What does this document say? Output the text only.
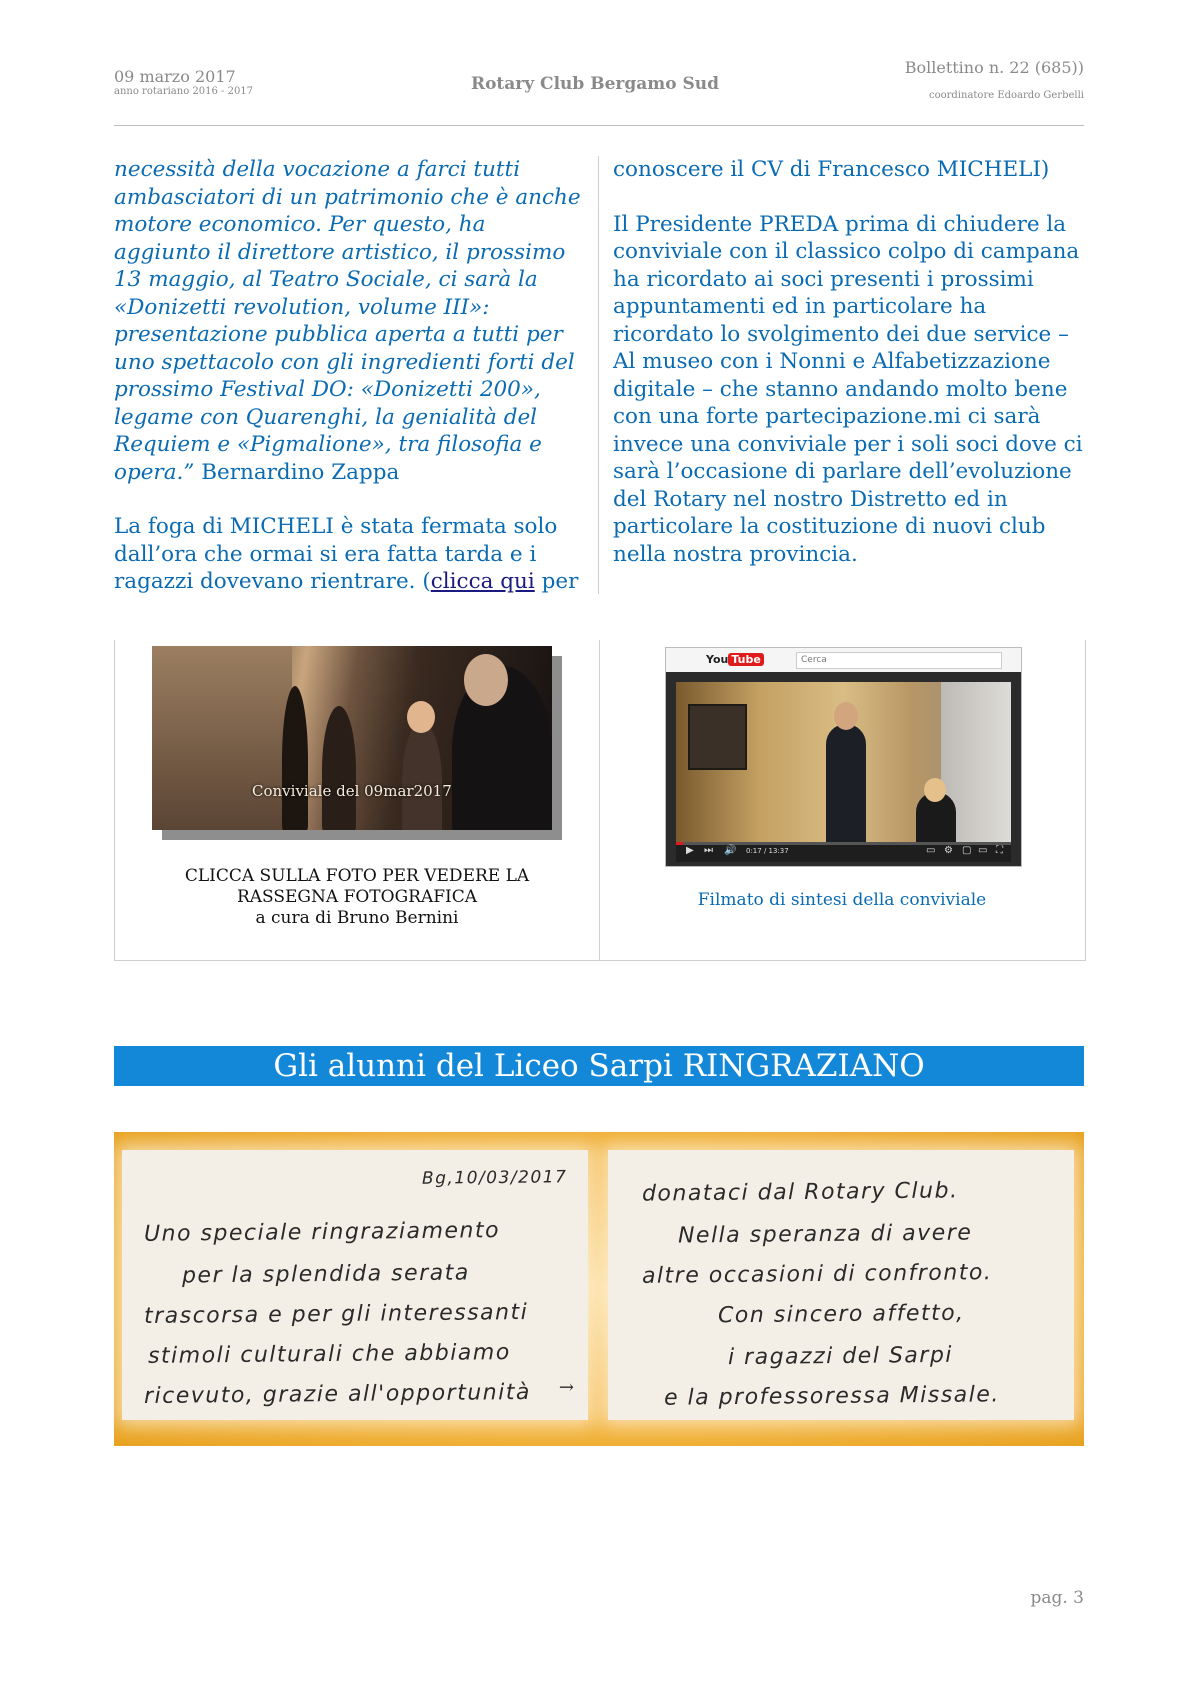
09 marzo 2017
anno rotariano 2016 - 2017	Rotary Club Bergamo Sud
Bollettino n. 22 (685))
coordinatore Edoardo Gerbelli

necessità della vocazione a farci tutti ambasciatori di un patrimonio che è anche motore economico. Per questo, ha aggiunto il direttore artistico, il prossimo 13 maggio, al Teatro Sociale, ci sarà la «Donizetti revolution, volume III»: presentazione pubblica aperta a tutti per uno spettacolo con gli ingredienti forti del prossimo Festival DO: «Donizetti 200», legame con Quarenghi, la genialità del Requiem e «Pigmalione», tra filosofia e opera.” Bernardino Zappa

La foga di MICHELI è stata fermata solo dall’ora che ormai si era fatta tarda e i ragazzi dovevano rientrare. (clicca qui per

conoscere il CV di Francesco MICHELI)

Il Presidente PREDA prima di chiudere la conviviale con il classico colpo di campana ha ricordato ai soci presenti i prossimi appuntamenti ed in particolare ha ricordato lo svolgimento dei due service – Al museo con i Nonni e Alfabetizzazione digitale – che stanno andando molto bene con una forte partecipazione.mi ci sarà invece una conviviale per i soli soci dove ci sarà l’occasione di parlare dell’evoluzione del Rotary nel nostro Distretto ed in particolare la costituzione di nuovi club nella nostra provincia.

Conviviale del 09mar2017
CLICCA SULLA FOTO PER VEDERE LA
RASSEGNA FOTOGRAFICA
a cura di Bruno Bernini
You Tube	Cerca
▶ ⏭ 🔊 0:17 / 13:37	▭ ⚙ ▢ ▭ ⛶
Filmato di sintesi della conviviale
Gli alunni del Liceo Sarpi RINGRAZIANO
Bg,10/03/2017
Uno speciale ringraziamento
per la splendida serata
trascorsa e per gli interessanti
stimoli culturali che abbiamo
ricevuto, grazie all'opportunità →
donataci dal Rotary Club.
Nella speranza di avere
altre occasioni di confronto.
Con sincero affetto,
i ragazzi del Sarpi
e la professoressa Missale.
pag. 3
